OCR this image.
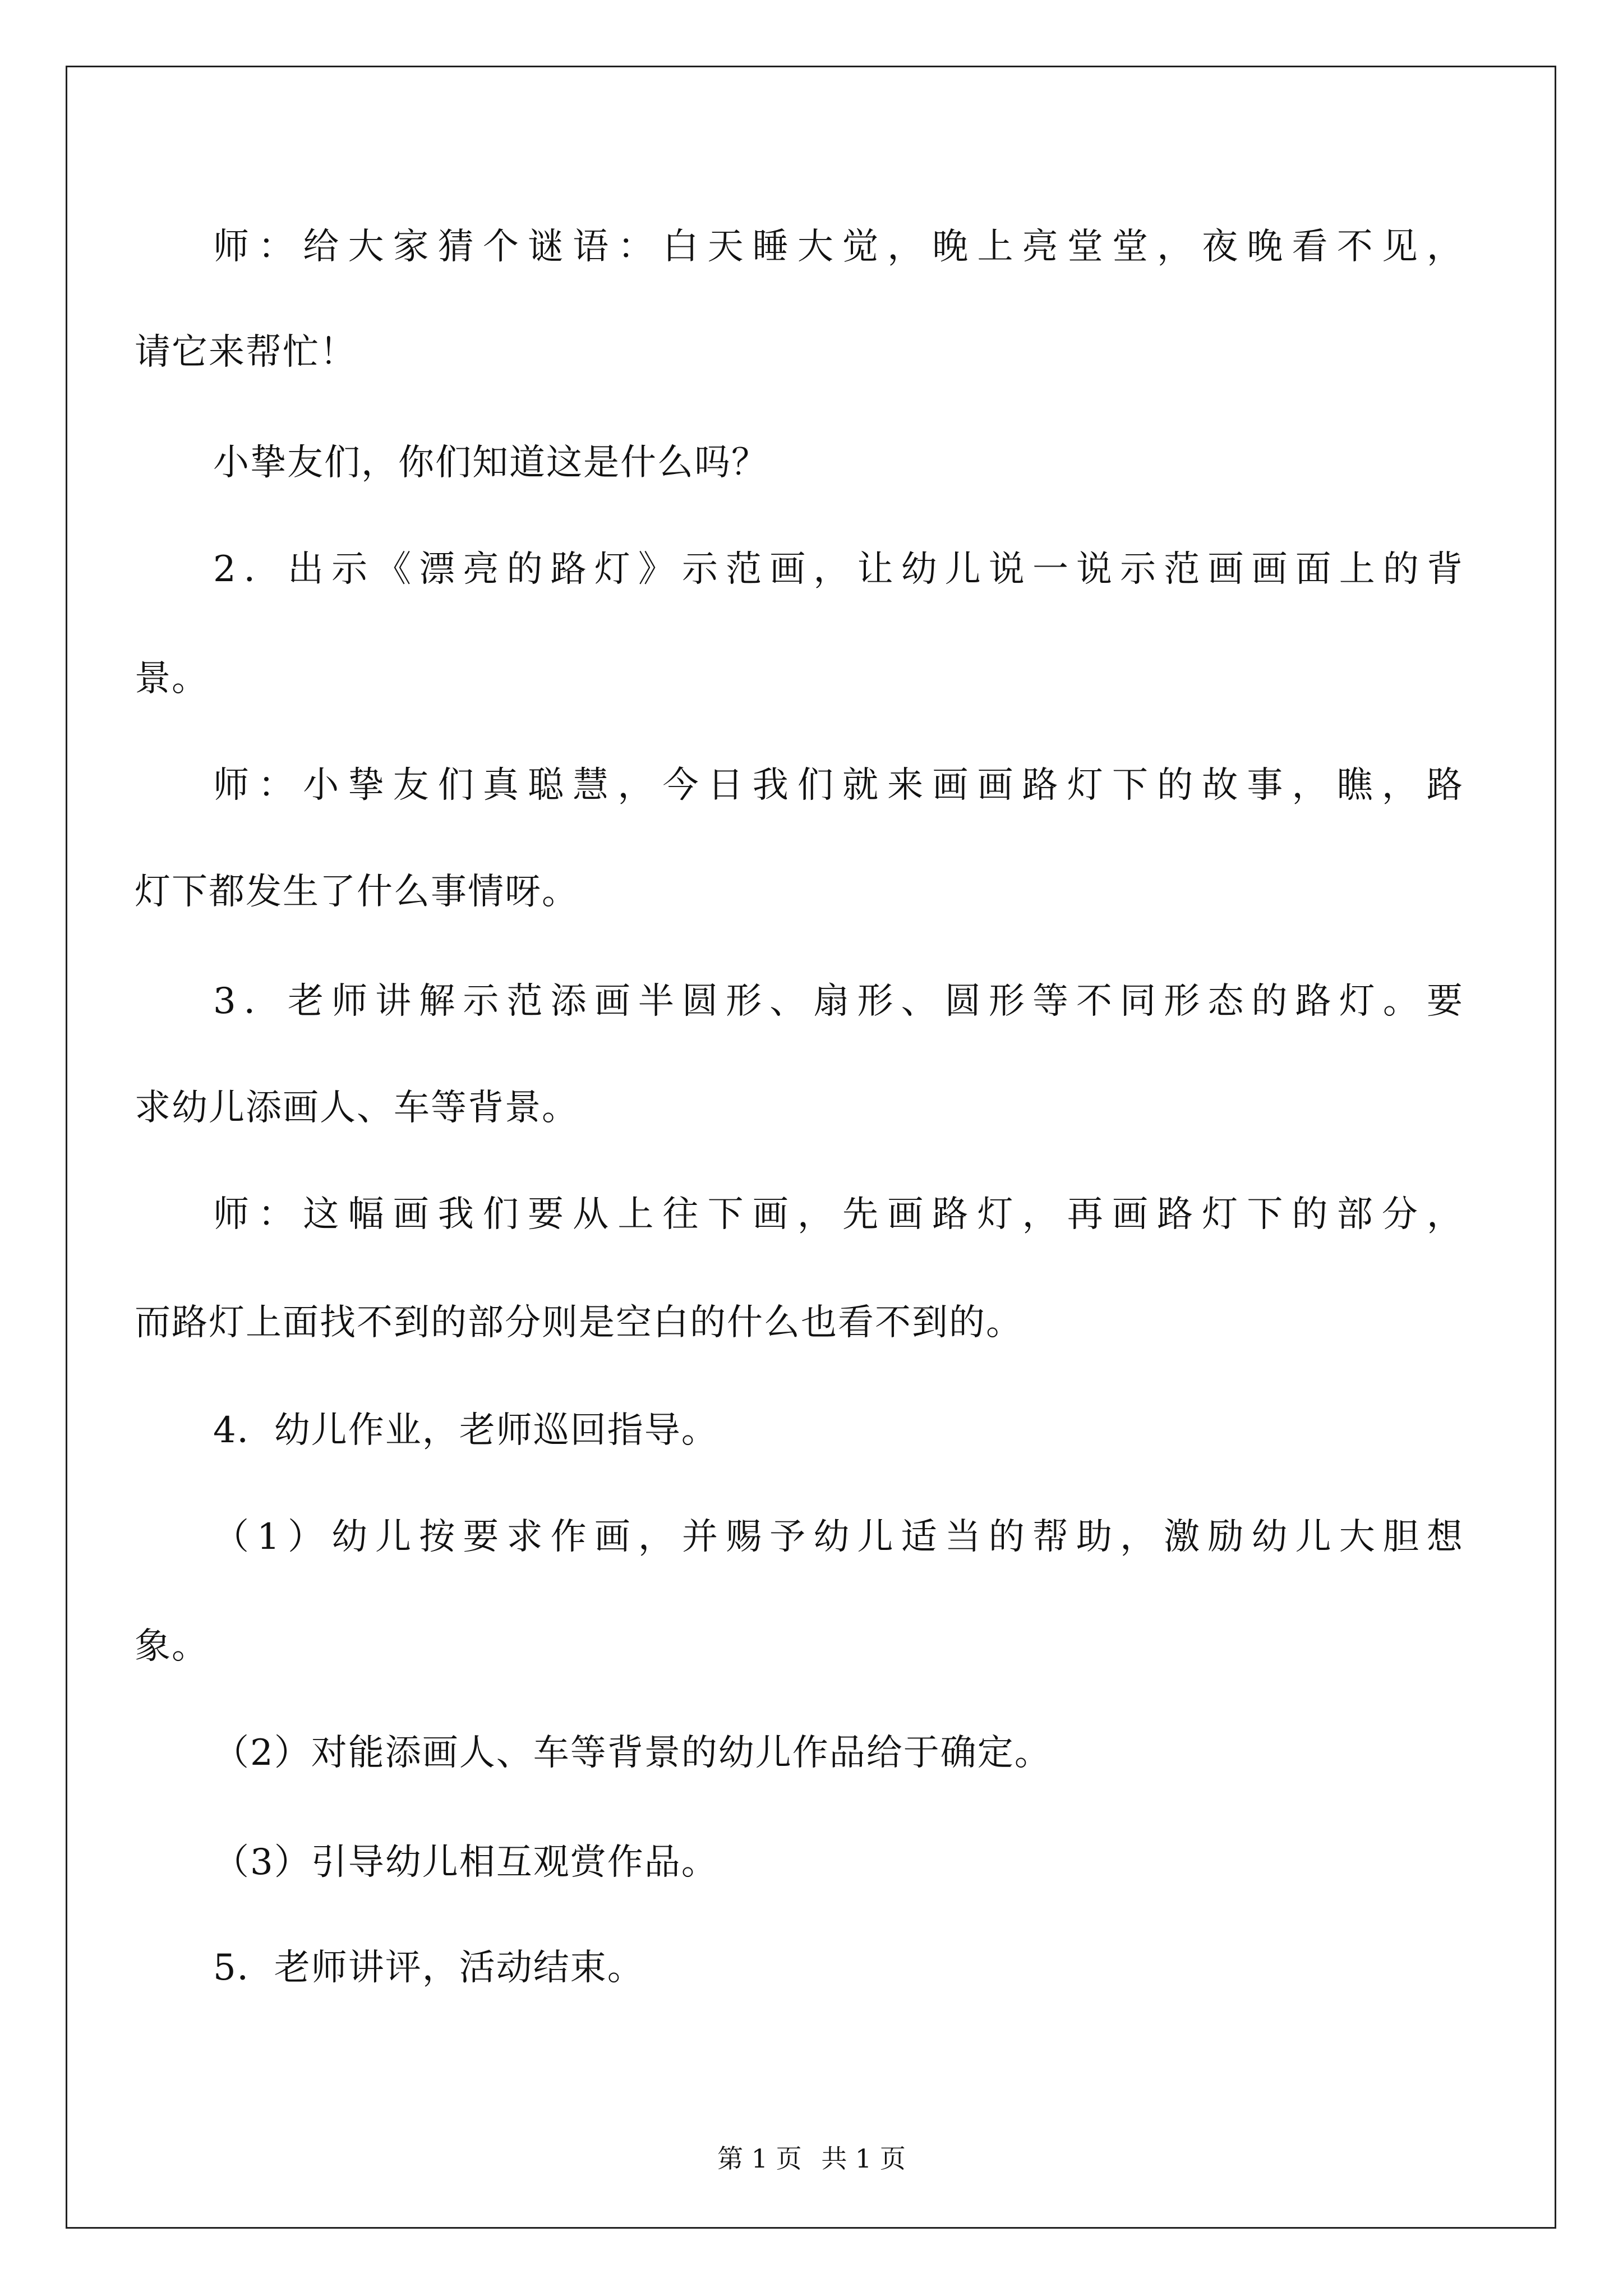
师：给大家猜个谜语：白天睡大觉，晚上亮堂堂，夜晚看不见，
请它来帮忙！
小挚友们，你们知道这是什么吗？
2．出示《漂亮的路灯》示范画，让幼儿说一说示范画画面上的背
景。
师：小挚友们真聪慧，今日我们就来画画路灯下的故事，瞧，路
灯下都发生了什么事情呀。
3．老师讲解示范添画半圆形、扇形、圆形等不同形态的路灯。要
求幼儿添画人、车等背景。
师：这幅画我们要从上往下画，先画路灯，再画路灯下的部分，
而路灯上面找不到的部分则是空白的什么也看不到的。
4．幼儿作业，老师巡回指导。
（1）幼儿按要求作画，并赐予幼儿适当的帮助，激励幼儿大胆想
象。
（2）对能添画人、车等背景的幼儿作品给于确定。
（3）引导幼儿相互观赏作品。
5．老师讲评，活动结束。
第 1 页 共 1 页
